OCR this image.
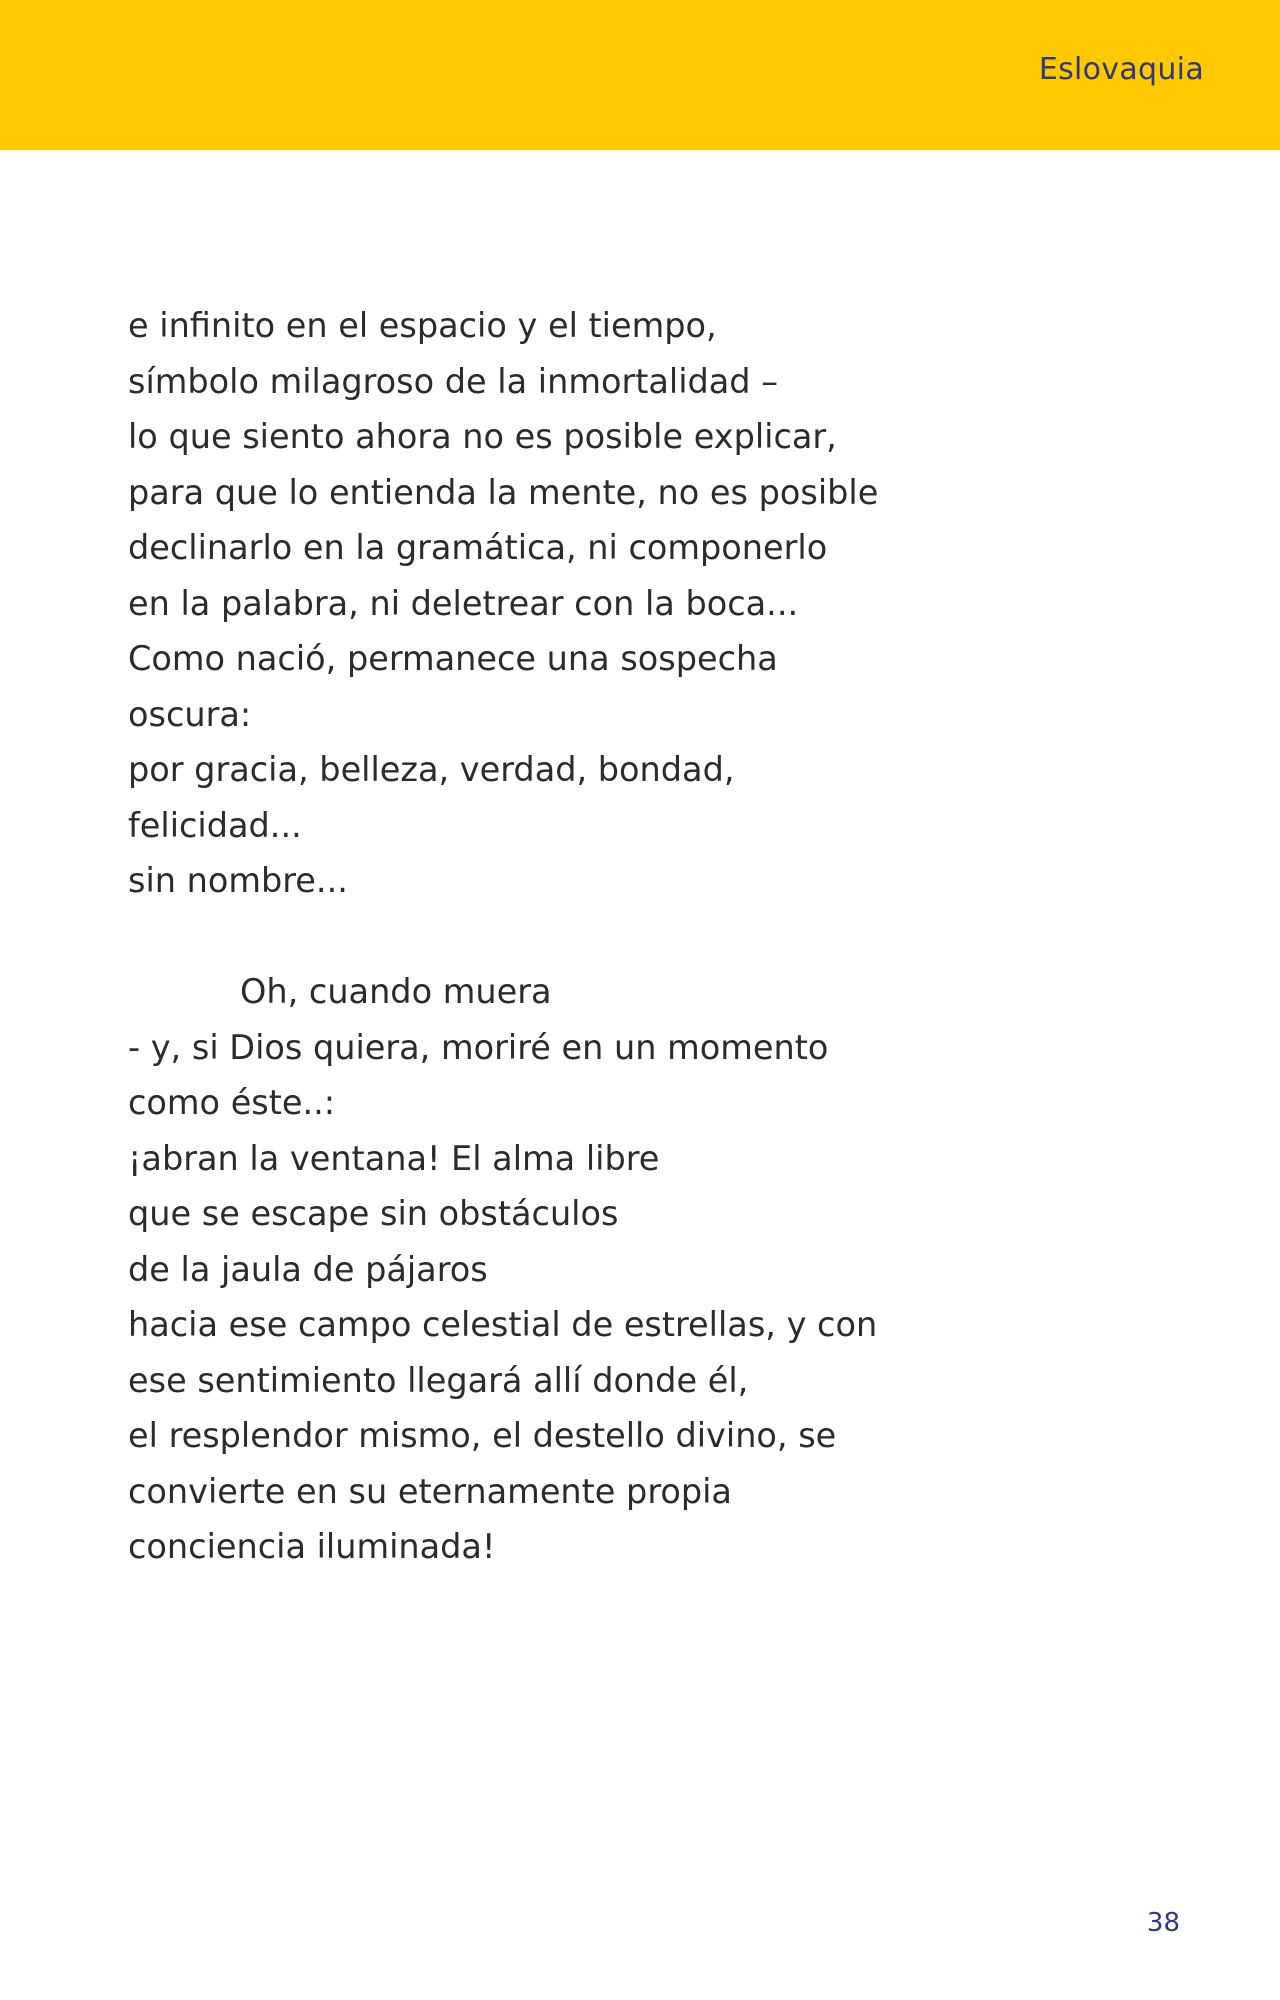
Eslovaquia
e infinito en el espacio y el tiempo,
símbolo milagroso de la inmortalidad –
lo que siento ahora no es posible explicar,
para que lo entienda la mente, no es posible
declinarlo en la gramática, ni componerlo
en la palabra, ni deletrear con la boca...
Como nació, permanece una sospecha
oscura:
por gracia, belleza, verdad, bondad,
felicidad...
sin nombre...
Oh, cuando muera
- y, si Dios quiera, moriré en un momento
como éste..:
¡abran la ventana! El alma libre
que se escape sin obstáculos
de la jaula de pájaros
hacia ese campo celestial de estrellas, y con
ese sentimiento llegará allí donde él,
el resplendor mismo, el destello divino, se
convierte en su eternamente propia
conciencia iluminada!
38
